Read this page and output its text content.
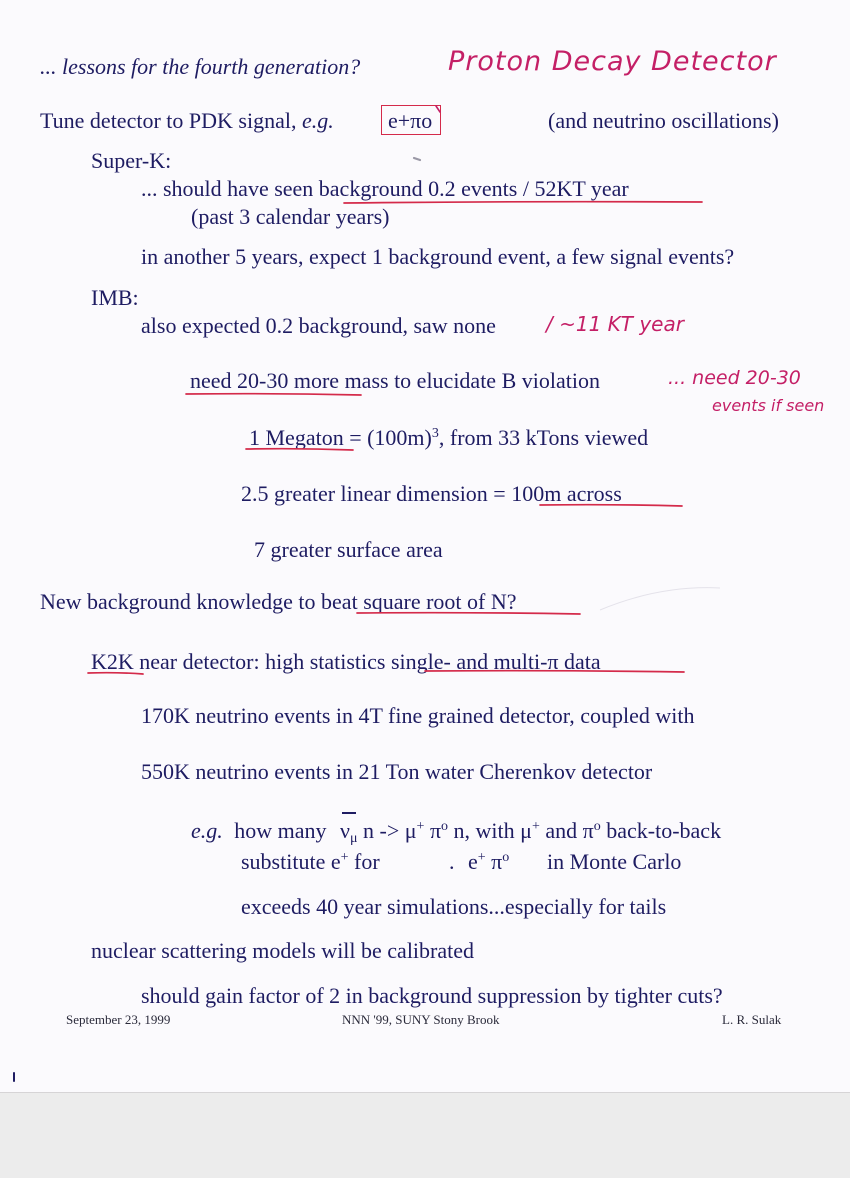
... lessons for the fourth generation?	Proton Decay Detector
Tune detector to PDK signal, e.g. e+πo	(and neutrino oscillations)
Super-K:
... should have seen background 0.2 events / 52KT year
(past 3 calendar years)
in another 5 years, expect 1 background event, a few signal events?
IMB:
also expected 0.2 background, saw none	/ ~11 KT year
need 20-30 more mass to elucidate B violation	... need 20-30
events if seen
1 Megaton = $(100m)^3$, from 33 kTons viewed
2.5 greater linear dimension = 100m across
7 greater surface area
New background knowledge to beat square root of N?
K2K near detector: high statistics single- and multi-π data
170K neutrino events in 4T fine grained detector, coupled with
550K neutrino events in 21 Ton water Cherenkov detector
e.g. how many $\nu_\mu$ n -> μ+ $\pi^o$ n, with μ+ and $\pi^o$ back-to-back
substitute e+ for	. e+ $\pi^o$ in Monte Carlo
exceeds 40 year simulations...especially for tails
nuclear scattering models will be calibrated
should gain factor of 2 in background suppression by tighter cuts?
September 23, 1999	NNN '99, SUNY Stony Brook	L. R. Sulak
